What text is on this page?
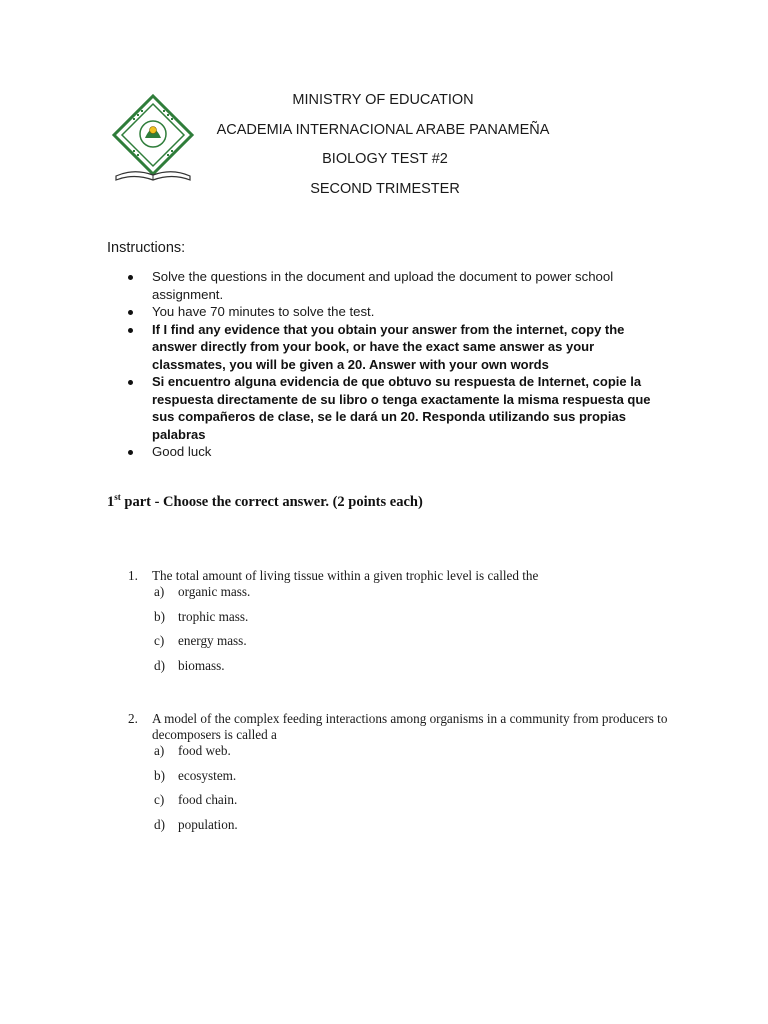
MINISTRY OF EDUCATION
ACADEMIA INTERNACIONAL ARABE PANAMEÑA
BIOLOGY TEST #2
SECOND TRIMESTER
Instructions:
Solve the questions in the document and upload the document to power school assignment.
You have 70 minutes to solve the test.
If I find any evidence that you obtain your answer from the internet, copy the answer directly from your book, or have the exact same answer as your classmates, you will be given a 20. Answer with your own words
Si encuentro alguna evidencia de que obtuvo su respuesta de Internet, copie la respuesta directamente de su libro o tenga exactamente la misma respuesta que sus compañeros de clase, se le dará un 20. Responda utilizando sus propias palabras
Good luck
1st part - Choose the correct answer. (2 points each)
1. The total amount of living tissue within a given trophic level is called the
a) organic mass.
b) trophic mass.
c) energy mass.
d) biomass.
2. A model of the complex feeding interactions among organisms in a community from producers to decomposers is called a
a) food web.
b) ecosystem.
c) food chain.
d) population.
